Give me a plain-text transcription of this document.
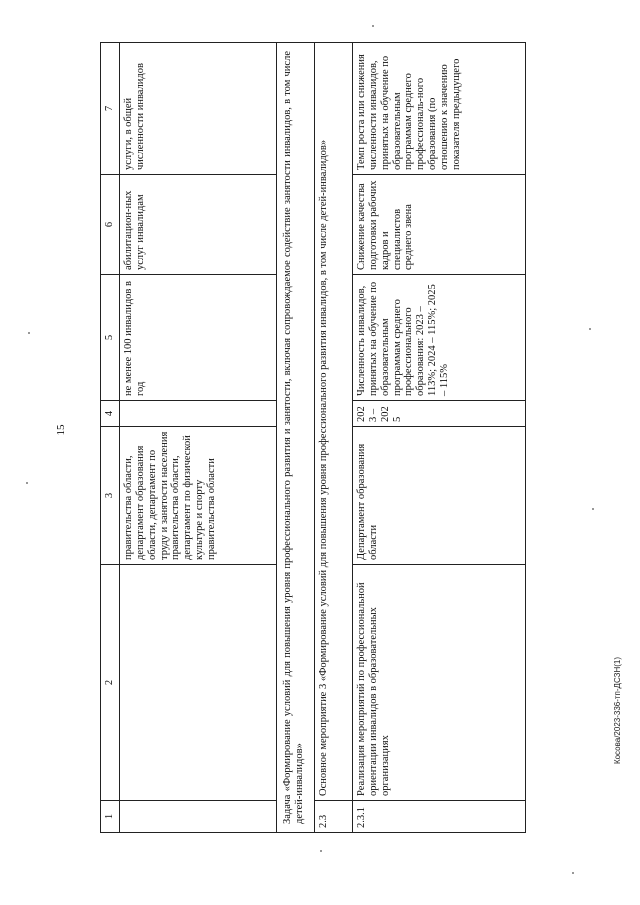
15
Косова/2023-336-тп-ДСЗН(1)
1	2	3	4	5	6	7
		правительства области, департамент образования области, департамент по труду и занятости населения правительства области, департамент по физической культуре и спорту правительства области		не менее 100 инвалидов в год	абилитацион-ных услуг инвалидам	услуги, в общей численности инвалидов
Задача «Формирование условий для повышения уровня профессионального развития и занятости, включая сопровождаемое содействие занятости инвалидов, в том числе детей-инвалидов»						
2.3	Основное мероприятие 3 «Формирование условий для повышения уровня профессионального развития инвалидов, в том числе детей-инвалидов»					
2.3.1	Реализация мероприятий по профессиональной ориентации инвалидов в образовательных организациях	Департамент образования области	2023 – 2025	Численность инвалидов, принятых на обучение по образовательным программам среднего профессионального образования: 2023 – 113%; 2024 – 115%; 2025 – 115%	Снижение качества подготовки рабочих кадров и специалистов среднего звена	Темп роста или снижения численности инвалидов, принятых на обучение по образовательным программам среднего профессиональ-ного образования (по отношению к значению показателя предыдущего
